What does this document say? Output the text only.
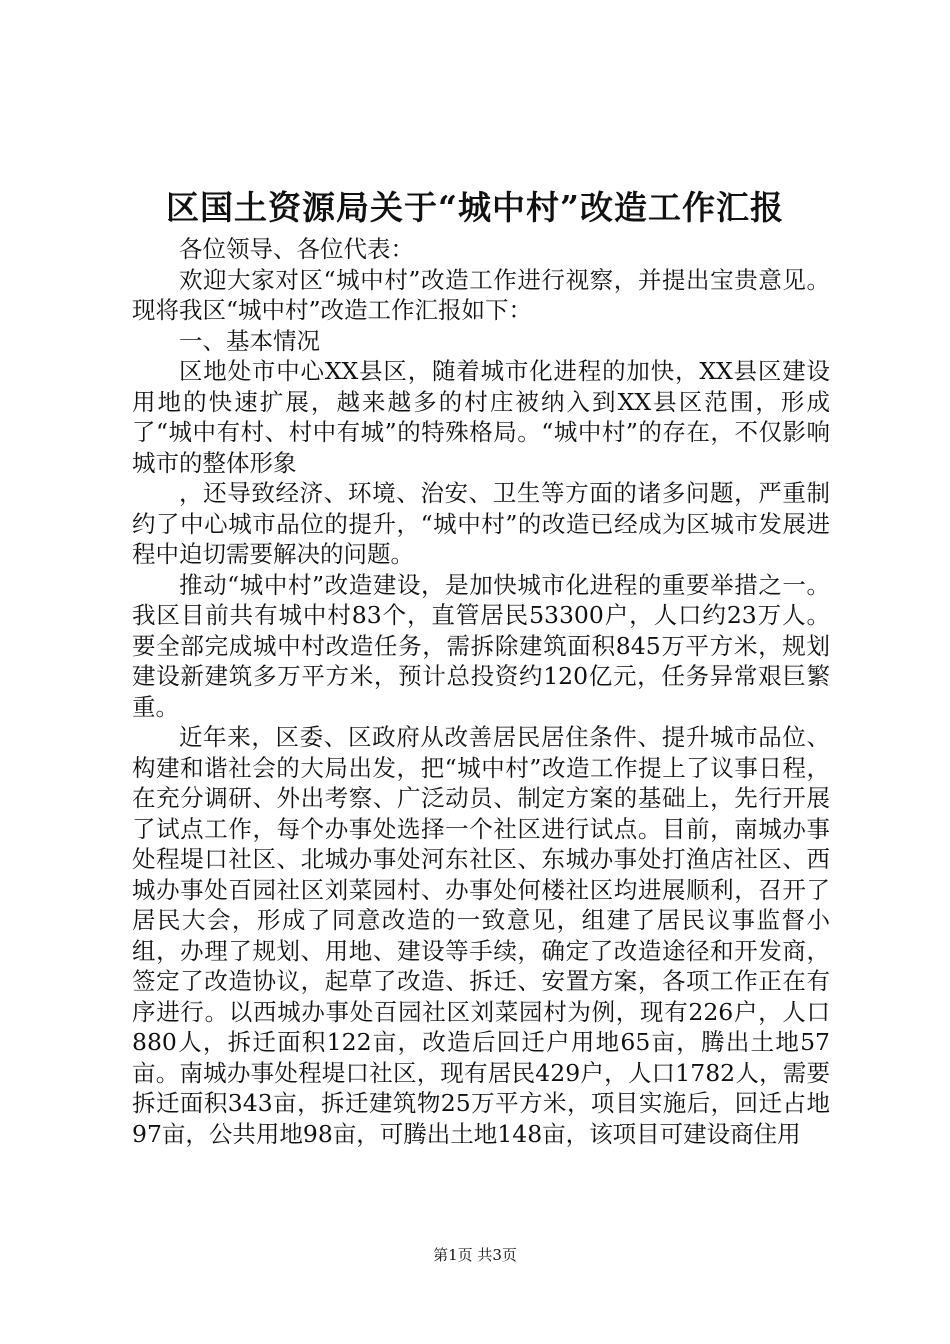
区国土资源局关于“城中村”改造工作汇报

各位领导、各位代表：

欢迎大家对区“城中村”改造工作进行视察，并提出宝贵意见。现将我区“城中村”改造工作汇报如下：

一、基本情况

区地处市中心XX县区，随着城市化进程的加快，XX县区建设用地的快速扩展，越来越多的村庄被纳入到XX县区范围，形成了“城中有村、村中有城”的特殊格局。“城中村”的存在，不仅影响城市的整体形象

，还导致经济、环境、治安、卫生等方面的诸多问题，严重制约了中心城市品位的提升，“城中村”的改造已经成为区城市发展进程中迫切需要解决的问题。

推动“城中村”改造建设，是加快城市化进程的重要举措之一。我区目前共有城中村83个，直管居民53300户，人口约23万人。要全部完成城中村改造任务，需拆除建筑面积845万平方米，规划建设新建筑多万平方米，预计总投资约120亿元，任务异常艰巨繁重。

近年来，区委、区政府从改善居民居住条件、提升城市品位、构建和谐社会的大局出发，把“城中村”改造工作提上了议事日程，在充分调研、外出考察、广泛动员、制定方案的基础上，先行开展了试点工作，每个办事处选择一个社区进行试点。目前，南城办事处程堤口社区、北城办事处河东社区、东城办事处打渔店社区、西城办事处百园社区刘菜园村、办事处何楼社区均进展顺利，召开了居民大会，形成了同意改造的一致意见，组建了居民议事监督小组，办理了规划、用地、建设等手续，确定了改造途径和开发商，签定了改造协议，起草了改造、拆迁、安置方案，各项工作正在有序进行。以西城办事处百园社区刘菜园村为例，现有226户，人口880人，拆迁面积122亩，改造后回迁户用地65亩，腾出土地57亩。南城办事处程堤口社区，现有居民429户，人口1782人，需要拆迁面积343亩，拆迁建筑物25万平方米，项目实施后，回迁占地97亩，公共用地98亩，可腾出土地148亩，该项目可建设商住用

第1页 共3页
